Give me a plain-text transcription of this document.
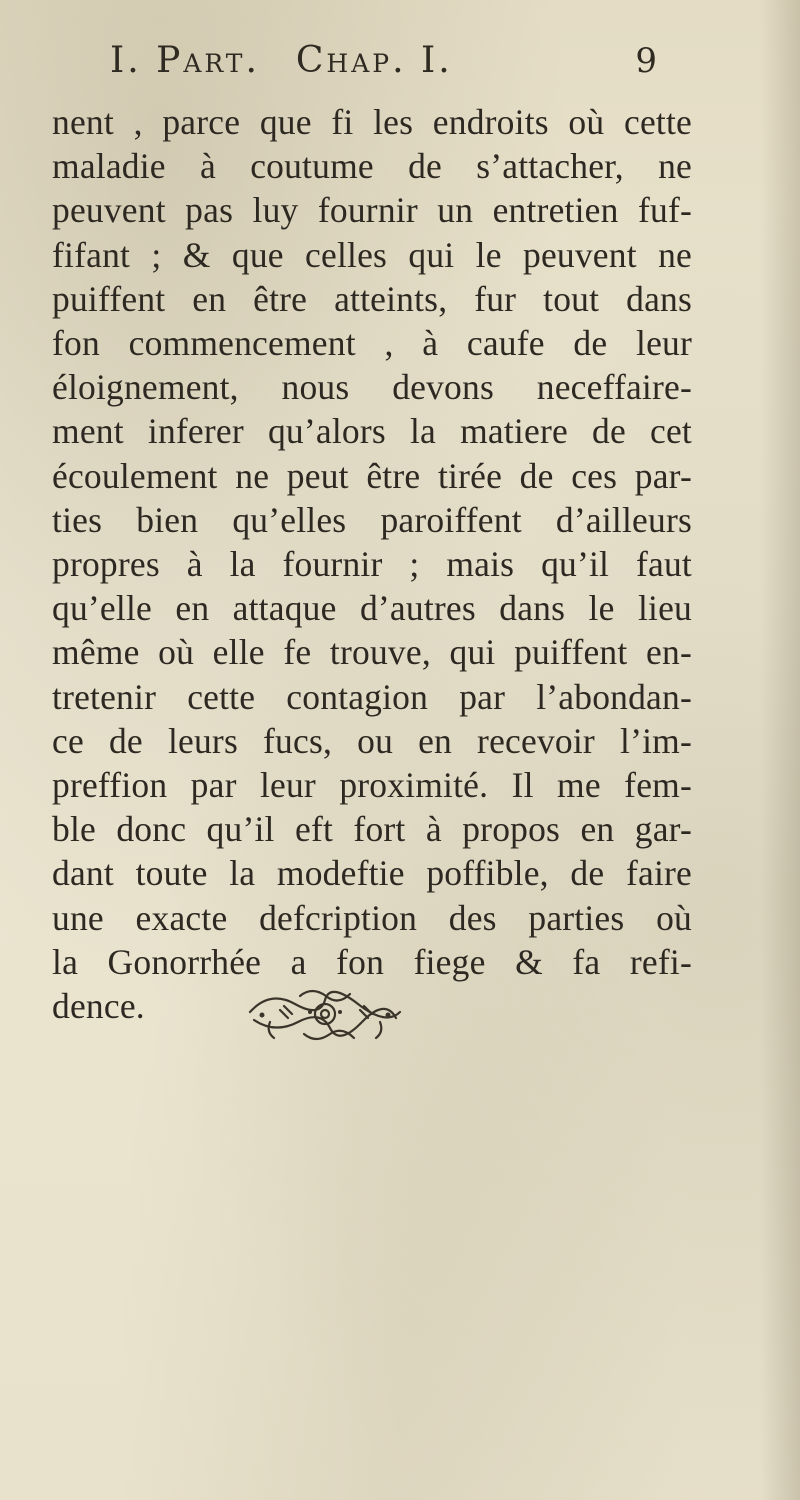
I. Part. Chap. I.	9
nent , parce que fi les endroits où cette
maladie à coutume de s’attacher, ne
peuvent pas luy fournir un entretien fuf-
fifant ; & que celles qui le peuvent ne
puiffent en être atteints, fur tout dans
fon commencement , à caufe de leur
éloignement, nous devons neceffaire-
ment inferer qu’alors la matiere de cet
écoulement ne peut être tirée de ces par-
ties bien qu’elles paroiffent d’ailleurs
propres à la fournir ; mais qu’il faut
qu’elle en attaque d’autres dans le lieu
même où elle fe trouve, qui puiffent en-
tretenir cette contagion par l’abondan-
ce de leurs fucs, ou en recevoir l’im-
preffion par leur proximité. Il me fem-
ble donc qu’il eft fort à propos en gar-
dant toute la modeftie poffible, de faire
une exacte defcription des parties où
la Gonorrhée a fon fiege & fa refi-
dence.
